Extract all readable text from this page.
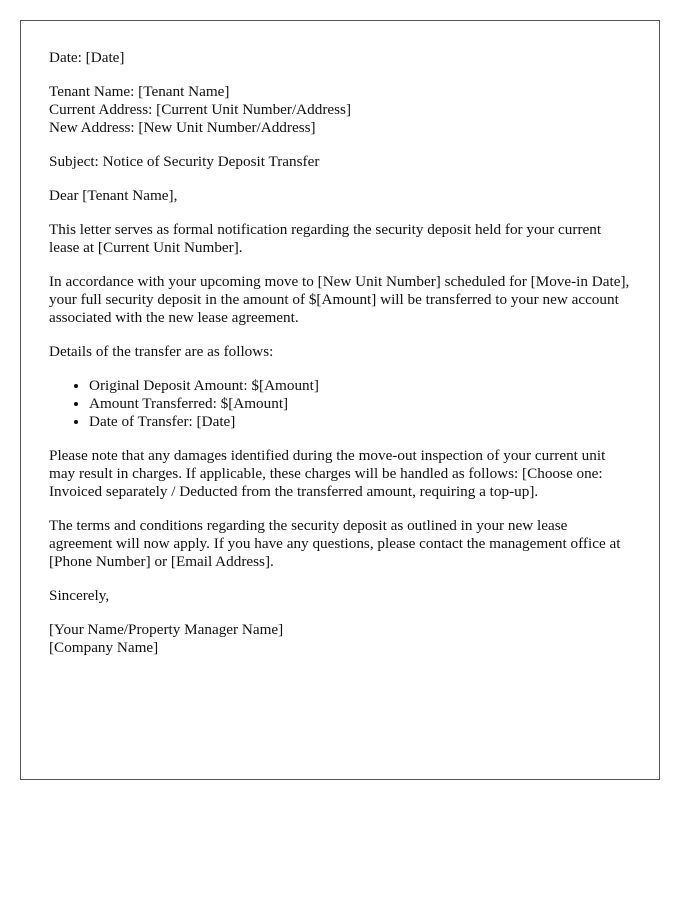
Date: [Date]

Tenant Name: [Tenant Name]
Current Address: [Current Unit Number/Address]
New Address: [New Unit Number/Address]

Subject: Notice of Security Deposit Transfer

Dear [Tenant Name],

This letter serves as formal notification regarding the security deposit held for your current lease at [Current Unit Number].

In accordance with your upcoming move to [New Unit Number] scheduled for [Move-in Date], your full security deposit in the amount of $[Amount] will be transferred to your new account associated with the new lease agreement.

Details of the transfer are as follows:

• Original Deposit Amount: $[Amount]
• Amount Transferred: $[Amount]
• Date of Transfer: [Date]

Please note that any damages identified during the move-out inspection of your current unit may result in charges. If applicable, these charges will be handled as follows: [Choose one: Invoiced separately / Deducted from the transferred amount, requiring a top-up].

The terms and conditions regarding the security deposit as outlined in your new lease agreement will now apply. If you have any questions, please contact the management office at [Phone Number] or [Email Address].

Sincerely,

[Your Name/Property Manager Name]
[Company Name]
